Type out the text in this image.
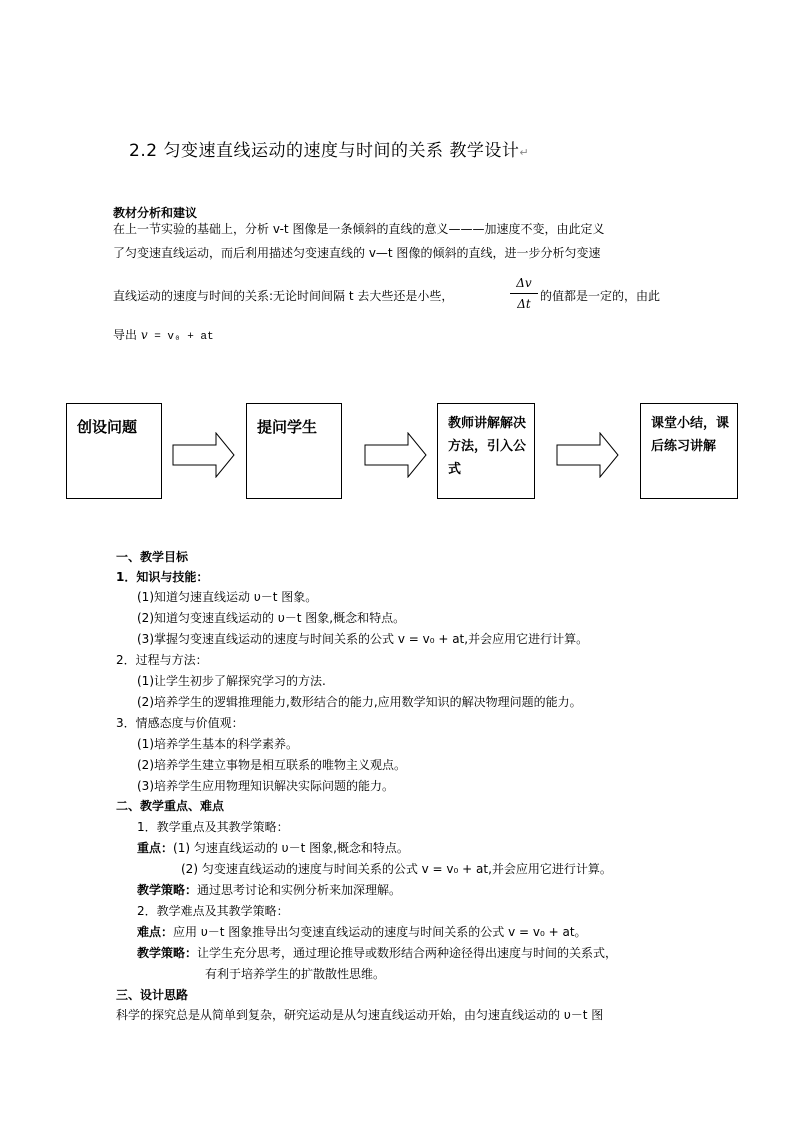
2.2 匀变速直线运动的速度与时间的关系 教学设计↵
教材分析和建议
在上一节实验的基础上，分析 v-t 图像是一条倾斜的直线的意义———加速度不变，由此定义
了匀变速直线运动，而后利用描述匀变速直线的 v—t 图像的倾斜的直线，进一步分析匀变速
直线运动的速度与时间的关系:无论时间间隔 t 去大些还是小些，
Δv
Δt
的值都是一定的，由此
导出 v = v₀ + at
创设问题	提问学生	教师讲解解决方法，引入公式
课堂小结，课后练习讲解
一、教学目标
1．知识与技能：
(1)知道匀速直线运动 υ－t 图象。
(2)知道匀变速直线运动的 υ－t 图象,概念和特点。
(3)掌握匀变速直线运动的速度与时间关系的公式 v = v₀ + at,并会应用它进行计算。
2．过程与方法：
(1)让学生初步了解探究学习的方法.
(2)培养学生的逻辑推理能力,数形结合的能力,应用数学知识的解决物理问题的能力。
3．情感态度与价值观：
(1)培养学生基本的科学素养。
(2)培养学生建立事物是相互联系的唯物主义观点。
(3)培养学生应用物理知识解决实际问题的能力。
二、教学重点、难点
1．教学重点及其教学策略：
重点：(1) 匀速直线运动的 υ－t 图象,概念和特点。
(2) 匀变速直线运动的速度与时间关系的公式 v = v₀ + at,并会应用它进行计算。
教学策略：通过思考讨论和实例分析来加深理解。
2．教学难点及其教学策略：
难点：应用 υ－t 图象推导出匀变速直线运动的速度与时间关系的公式 v = v₀ + at。
教学策略：让学生充分思考，通过理论推导或数形结合两种途径得出速度与时间的关系式，
有利于培养学生的扩散散性思维。
三、设计思路
科学的探究总是从简单到复杂，研究运动是从匀速直线运动开始，由匀速直线运动的 υ－t 图
